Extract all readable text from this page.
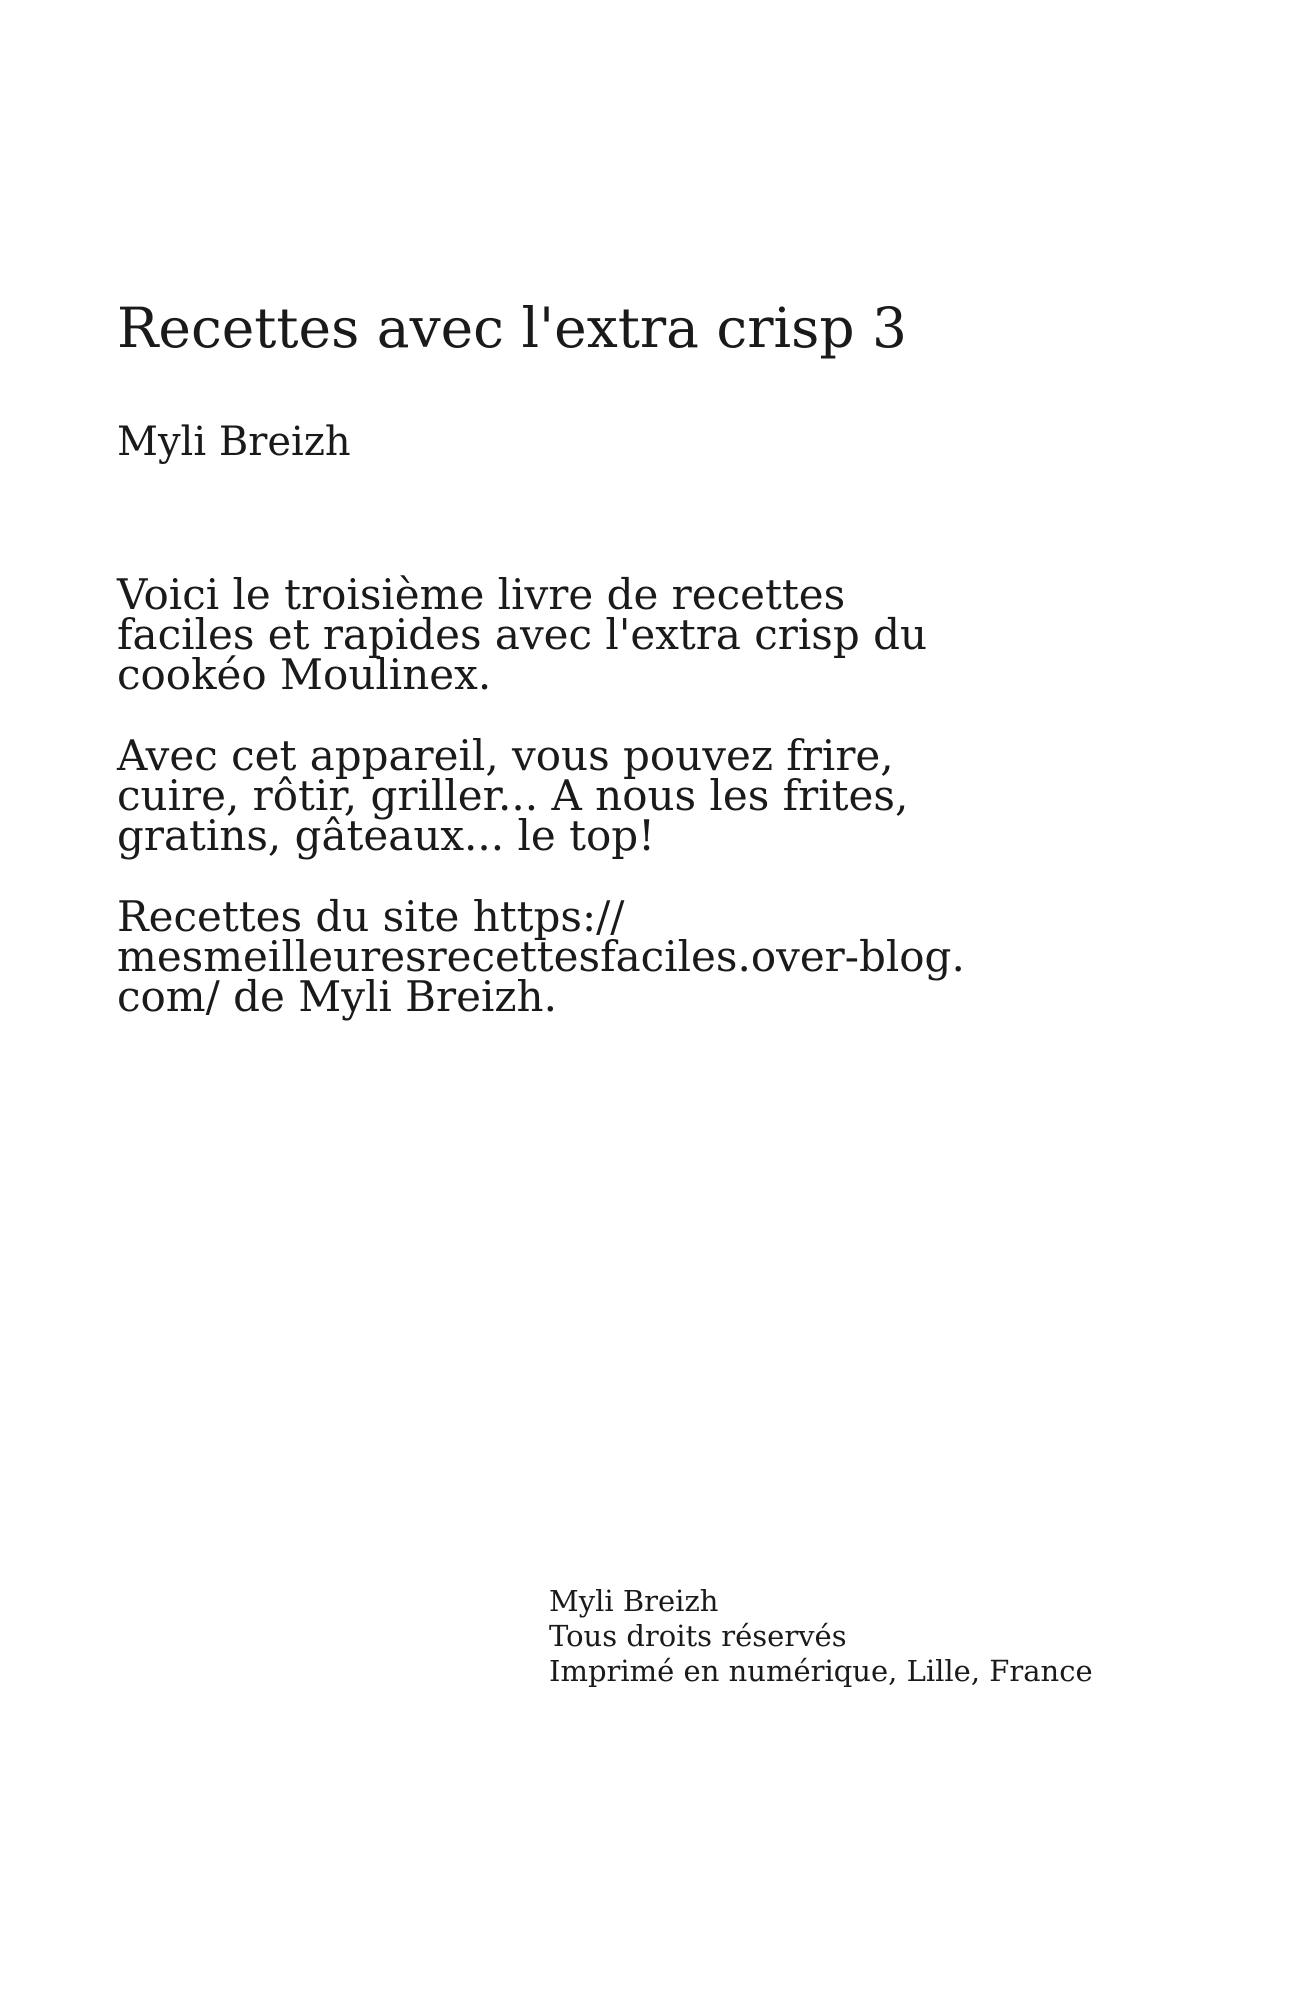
Recettes avec l'extra crisp 3
Myli Breizh

Voici le troisième livre de recettes
faciles et rapides avec l'extra crisp du
cookéo Moulinex.

Avec cet appareil, vous pouvez frire,
cuire, rôtir, griller... A nous les frites,
gratins, gâteaux... le top!

Recettes du site https://
mesmeilleuresrecettesfaciles.over-blog.
com/ de Myli Breizh.

Myli Breizh
Tous droits réservés
Imprimé en numérique, Lille, France
